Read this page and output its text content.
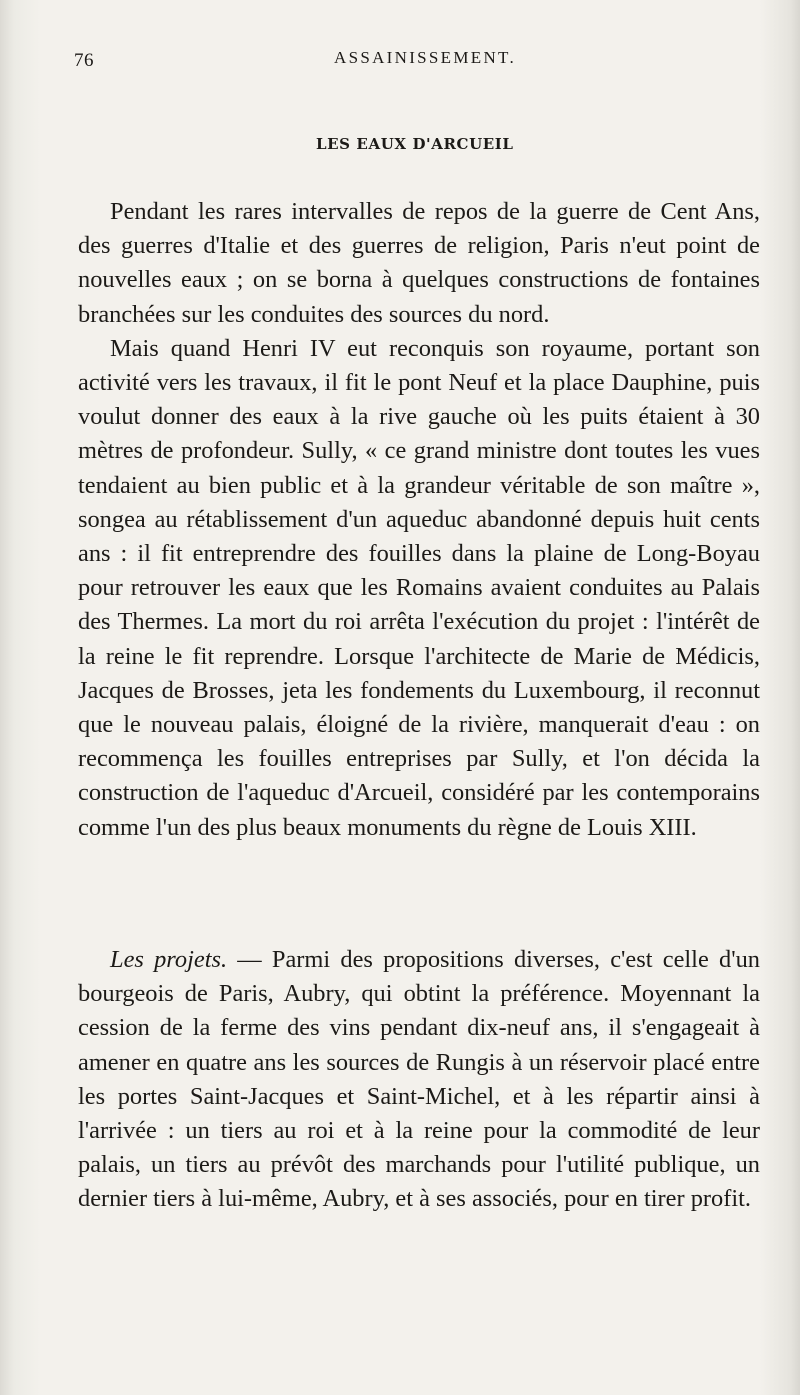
76	ASSAINISSEMENT.
LES EAUX D'ARCUEIL

Pendant les rares intervalles de repos de la guerre de Cent Ans, des guerres d'Italie et des guerres de religion, Paris n'eut point de nouvelles eaux ; on se borna à quelques constructions de fontaines branchées sur les conduites des sources du nord.

Mais quand Henri IV eut reconquis son royaume, portant son activité vers les travaux, il fit le pont Neuf et la place Dauphine, puis voulut donner des eaux à la rive gauche où les puits étaient à 30 mètres de profondeur. Sully, « ce grand ministre dont toutes les vues tendaient au bien public et à la grandeur véritable de son maître », songea au rétablissement d'un aqueduc abandonné depuis huit cents ans : il fit entreprendre des fouilles dans la plaine de Long-Boyau pour retrouver les eaux que les Romains avaient conduites au Palais des Thermes. La mort du roi arrêta l'exécution du projet : l'intérêt de la reine le fit reprendre. Lorsque l'architecte de Marie de Médicis, Jacques de Brosses, jeta les fondements du Luxembourg, il reconnut que le nouveau palais, éloigné de la rivière, manquerait d'eau : on recommença les fouilles entreprises par Sully, et l'on décida la construction de l'aqueduc d'Arcueil, considéré par les contemporains comme l'un des plus beaux monuments du règne de Louis XIII.

Les projets. — Parmi des propositions diverses, c'est celle d'un bourgeois de Paris, Aubry, qui obtint la préférence. Moyennant la cession de la ferme des vins pendant dix-neuf ans, il s'engageait à amener en quatre ans les sources de Rungis à un réservoir placé entre les portes Saint-Jacques et Saint-Michel, et à les répartir ainsi à l'arrivée : un tiers au roi et à la reine pour la commodité de leur palais, un tiers au prévôt des marchands pour l'utilité publique, un dernier tiers à lui-même, Aubry, et à ses associés, pour en tirer profit.
